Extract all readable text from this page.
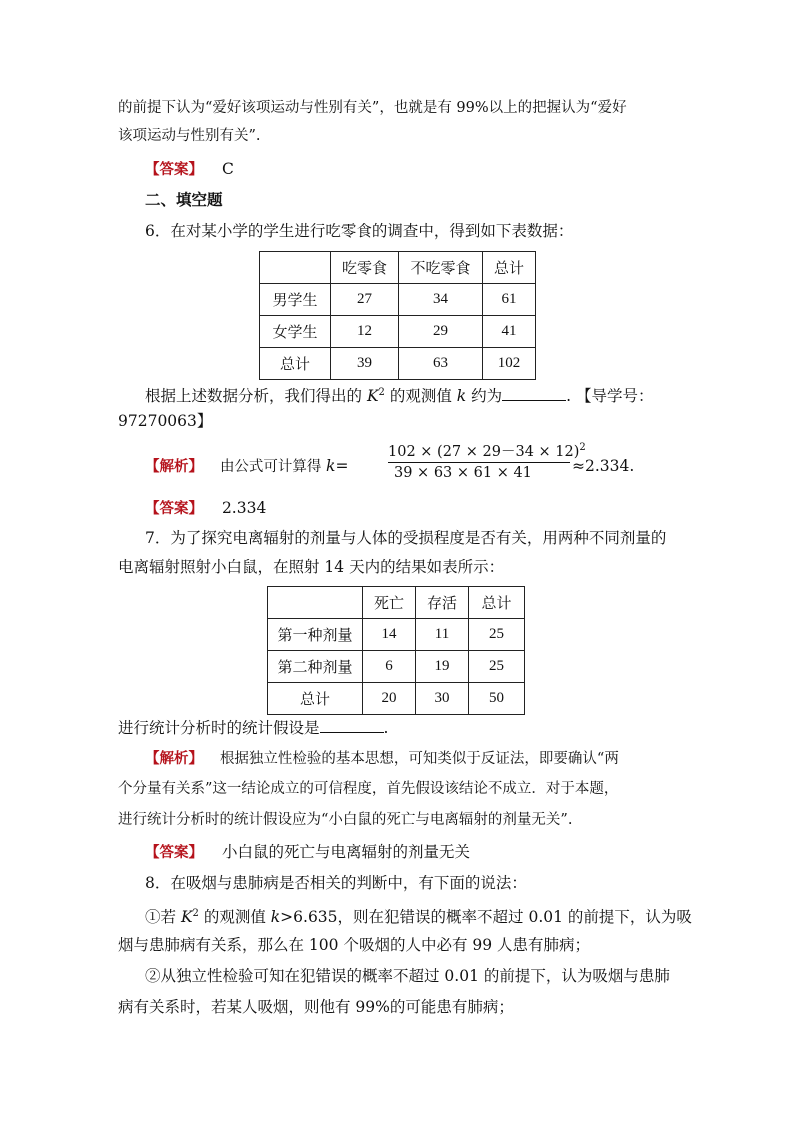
的前提下认为“爱好该项运动与性别有关”，也就是有 99%以上的把握认为“爱好
该项运动与性别有关”.
【答案】 C
二、填空题
6．在对某小学的学生进行吃零食的调查中，得到如下表数据：
	吃零食	不吃零食	总计
男学生	27	34	61
女学生	12	29	41
总计	39	63	102
根据上述数据分析，我们得出的 $K^2$ 的观测值 k 约为	. 【导学号：
97270063】
【解析】 由公式可计算得 k=
$102 \times (27 \times 29-34 \times 12)^2$
39 × 63 × 61 × 41	≈2.334.
【答案】 2.334
7．为了探究电离辐射的剂量与人体的受损程度是否有关，用两种不同剂量的
电离辐射照射小白鼠，在照射 14 天内的结果如表所示：
	死亡	存活	总计
第一种剂量	14	11	25
第二种剂量	6	19	25
总计	20	30	50
进行统计分析时的统计假设是	.
【解析】 根据独立性检验的基本思想，可知类似于反证法，即要确认“两
个分量有关系”这一结论成立的可信程度，首先假设该结论不成立．对于本题，
进行统计分析时的统计假设应为“小白鼠的死亡与电离辐射的剂量无关”.
【答案】 小白鼠的死亡与电离辐射的剂量无关
8．在吸烟与患肺病是否相关的判断中，有下面的说法：
①若 $K^2$ 的观测值 k>6.635，则在犯错误的概率不超过 0.01 的前提下，认为吸
烟与患肺病有关系，那么在 100 个吸烟的人中必有 99 人患有肺病；
②从独立性检验可知在犯错误的概率不超过 0.01 的前提下，认为吸烟与患肺
病有关系时，若某人吸烟，则他有 99%的可能患有肺病；
